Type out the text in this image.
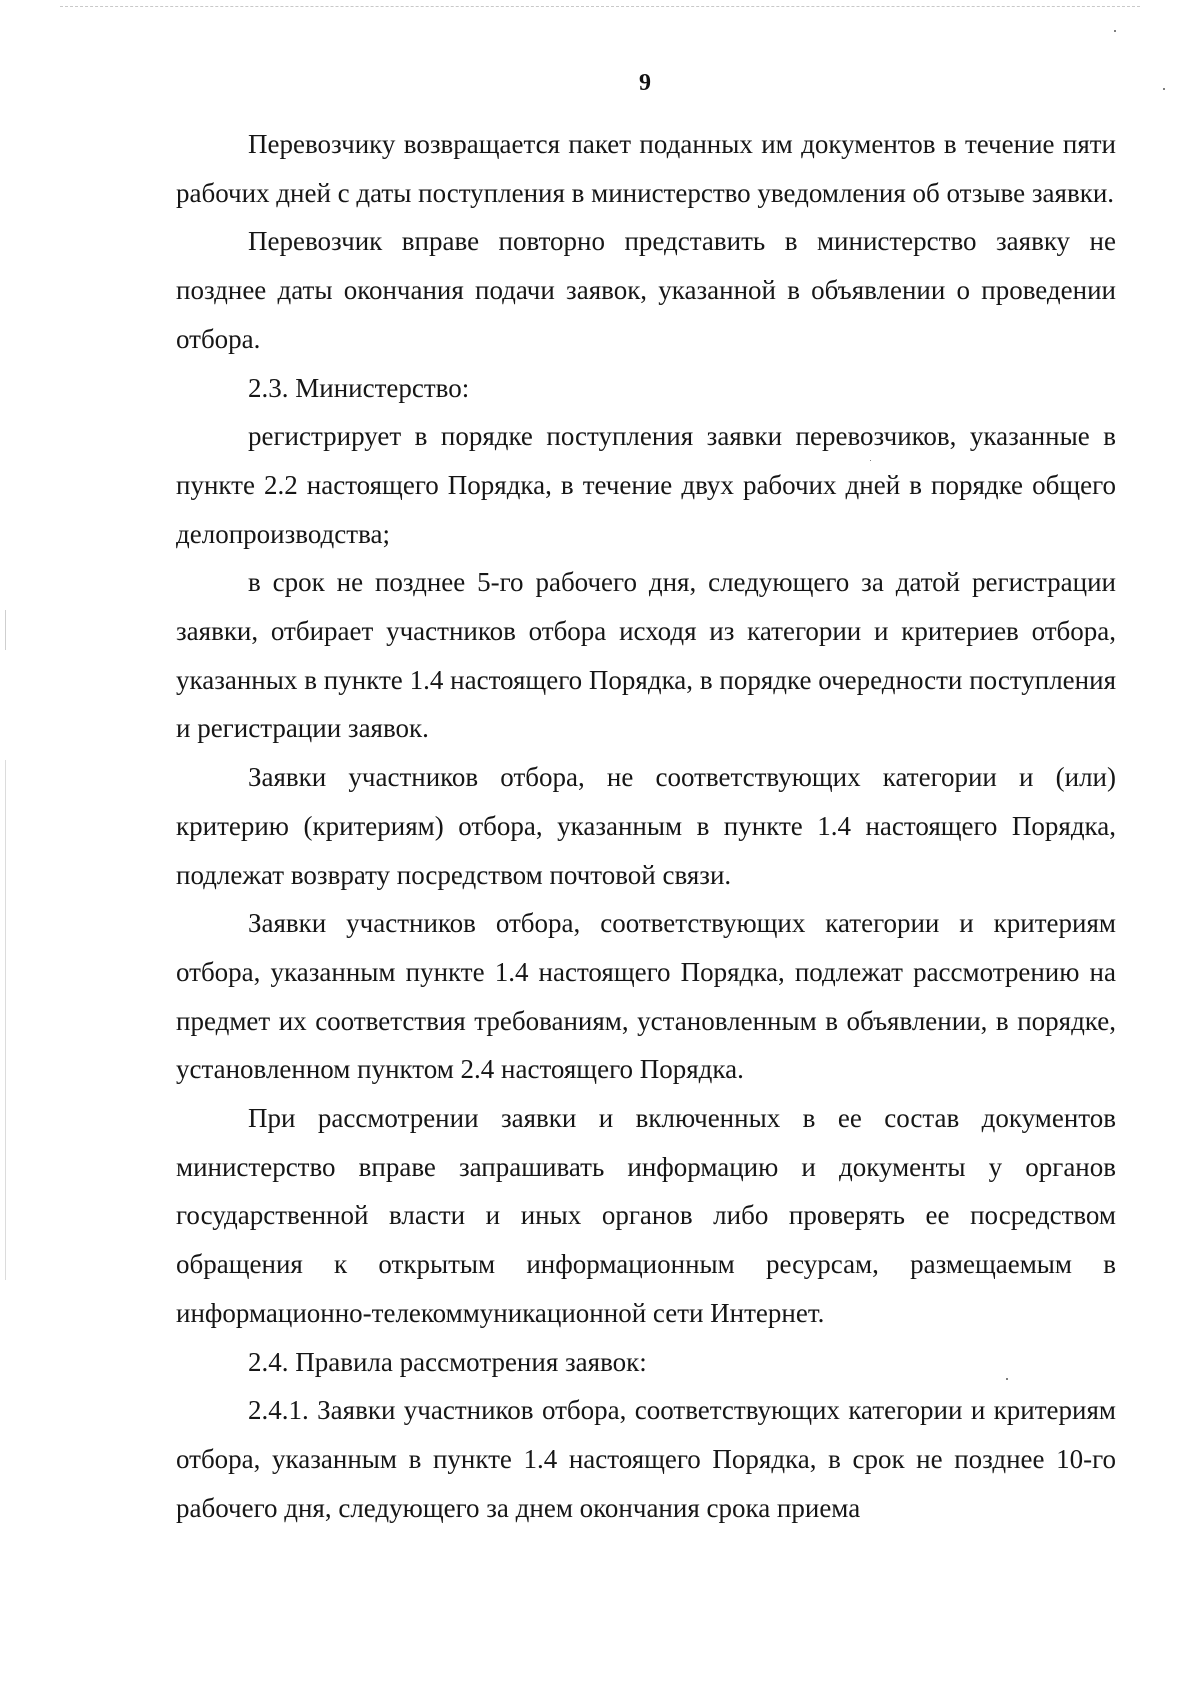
9

Перевозчику возвращается пакет поданных им документов в течение пяти рабочих дней с даты поступления в министерство уведомления об отзыве заявки.

Перевозчик вправе повторно представить в министерство заявку не позднее даты окончания подачи заявок, указанной в объявлении о проведении отбора.

2.3. Министерство:

регистрирует в порядке поступления заявки перевозчиков, указанные в пункте 2.2 настоящего Порядка, в течение двух рабочих дней в порядке общего делопроизводства;

в срок не позднее 5-го рабочего дня, следующего за датой регистрации заявки, отбирает участников отбора исходя из категории и критериев отбора, указанных в пункте 1.4 настоящего Порядка, в порядке очередности поступления и регистрации заявок.

Заявки участников отбора, не соответствующих категории и (или) критерию (критериям) отбора, указанным в пункте 1.4 настоящего Порядка, подлежат возврату посредством почтовой связи.

Заявки участников отбора, соответствующих категории и критериям отбора, указанным пункте 1.4 настоящего Порядка, подлежат рассмотрению на предмет их соответствия требованиям, установленным в объявлении, в порядке, установленном пунктом 2.4 настоящего Порядка.

При рассмотрении заявки и включенных в ее состав документов министерство вправе запрашивать информацию и документы у органов государственной власти и иных органов либо проверять ее посредством обращения к открытым информационным ресурсам, размещаемым в информационно-телекоммуникационной сети Интернет.

2.4. Правила рассмотрения заявок:

2.4.1. Заявки участников отбора, соответствующих категории и критериям отбора, указанным в пункте 1.4 настоящего Порядка, в срок не позднее 10-го рабочего дня, следующего за днем окончания срока приема
